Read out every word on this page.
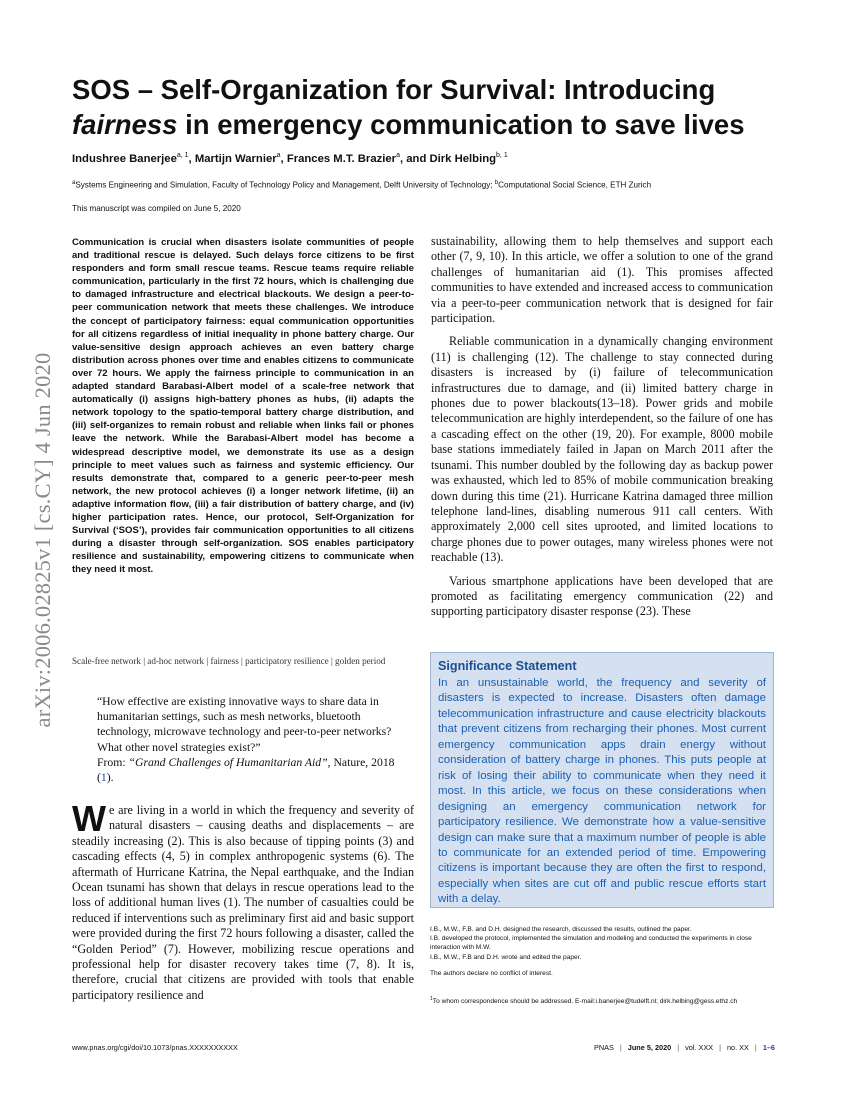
arXiv:2006.02825v1 [cs.CY] 4 Jun 2020
SOS – Self-Organization for Survival: Introducing
fairness in emergency communication to save lives
Indushree Banerjee$^{a, 1}$, Martijn Warnier$^a$, Frances M.T. Brazier$^a$, and Dirk Helbing$^{b, 1}$
$^a$Systems Engineering and Simulation, Faculty of Technology Policy and Management, Delft University of Technology; $^b$Computational Social Science, ETH Zurich
This manuscript was compiled on June 5, 2020

Communication is crucial when disasters isolate communities of people and traditional rescue is delayed. Such delays force citizens to be first responders and form small rescue teams. Rescue teams require reliable communication, particularly in the first 72 hours, which is challenging due to damaged infrastructure and electrical blackouts. We design a peer-to-peer communication network that meets these challenges. We introduce the concept of participatory fairness: equal communication opportunities for all citizens regardless of initial inequality in phone battery charge. Our value-sensitive design approach achieves an even battery charge distribution across phones over time and enables citizens to communicate over 72 hours. We apply the fairness principle to communication in an adapted standard Barabasi-Albert model of a scale-free network that automatically (i) assigns high-battery phones as hubs, (ii) adapts the network topology to the spatio-temporal battery charge distribution, and (iii) self-organizes to remain robust and reliable when links fail or phones leave the network. While the Barabasi-Albert model has become a widespread descriptive model, we demonstrate its use as a design principle to meet values such as fairness and systemic efficiency. Our results demonstrate that, compared to a generic peer-to-peer mesh network, the new protocol achieves (i) a longer network lifetime, (ii) an adaptive information flow, (iii) a fair distribution of battery charge, and (iv) higher participation rates. Hence, our protocol, Self-Organization for Survival (‘SOS’), provides fair communication opportunities to all citizens during a disaster through self-organization. SOS enables participatory resilience and sustainability, empowering citizens to communicate when they need it most.

Scale-free network | ad-hoc network | fairness | participatory resilience | golden period

“How effective are existing innovative ways to share data in humanitarian settings, such as mesh networks, bluetooth technology, microwave technology and peer-to-peer networks? What other novel strategies exist?”
From: “Grand Challenges of Humanitarian Aid”, Nature, 2018 (1).

We are living in a world in which the frequency and severity of natural disasters – causing deaths and displacements – are steadily increasing (2). This is also because of tipping points (3) and cascading effects (4, 5) in complex anthropogenic systems (6). The aftermath of Hurricane Katrina, the Nepal earthquake, and the Indian Ocean tsunami has shown that delays in rescue operations lead to the loss of additional human lives (1). The number of casualties could be reduced if interventions such as preliminary first aid and basic support were provided during the first 72 hours following a disaster, called the “Golden Period” (7). However, mobilizing rescue operations and professional help for disaster recovery takes time (7, 8). It is, therefore, crucial that citizens are provided with tools that enable participatory resilience and

sustainability, allowing them to help themselves and support each other (7, 9, 10). In this article, we offer a solution to one of the grand challenges of humanitarian aid (1). This promises affected communities to have extended and increased access to communication via a peer-to-peer communication network that is designed for fair participation.

Reliable communication in a dynamically changing environment (11) is challenging (12). The challenge to stay connected during disasters is increased by (i) failure of telecommunication infrastructures due to damage, and (ii) limited battery charge in phones due to power blackouts(13–18). Power grids and mobile telecommunication are highly interdependent, so the failure of one has a cascading effect on the other (19, 20). For example, 8000 mobile base stations immediately failed in Japan on March 2011 after the tsunami. This number doubled by the following day as backup power was exhausted, which led to 85% of mobile communication breaking down during this time (21). Hurricane Katrina damaged three million telephone land-lines, disabling numerous 911 call centers. With approximately 2,000 cell sites uprooted, and limited locations to charge phones due to power outages, many wireless phones were not reachable (13).

Various smartphone applications have been developed that are promoted as facilitating emergency communication (22) and supporting participatory disaster response (23). These

Significance Statement

In an unsustainable world, the frequency and severity of disasters is expected to increase. Disasters often damage telecommunication infrastructure and cause electricity blackouts that prevent citizens from recharging their phones. Most current emergency communication apps drain energy without consideration of battery charge in phones. This puts people at risk of losing their ability to communicate when they need it most. In this article, we focus on these considerations when designing an emergency communication network for participatory resilience. We demonstrate how a value-sensitive design can make sure that a maximum number of people is able to communicate for an extended period of time. Empowering citizens is important because they are often the first to respond, especially when sites are cut off and public rescue efforts start with a delay.

I.B., M.W., F.B. and D.H. designed the research, discussed the results, outlined the paper.
I.B. developed the protocol, implemented the simulation and modeling and conducted the experiments in close interaction with M.W.
I.B., M.W., F.B and D.H. wrote and edited the paper.
The authors declare no conflict of interest.
$^1$To whom correspondence should be addressed. E-mail:i.banerjee@tudelft.nl; dirk.helbing@gess.ethz.ch
www.pnas.org/cgi/doi/10.1073/pnas.XXXXXXXXXX	PNAS | June 5, 2020 | vol. XXX | no. XX | 1–6
